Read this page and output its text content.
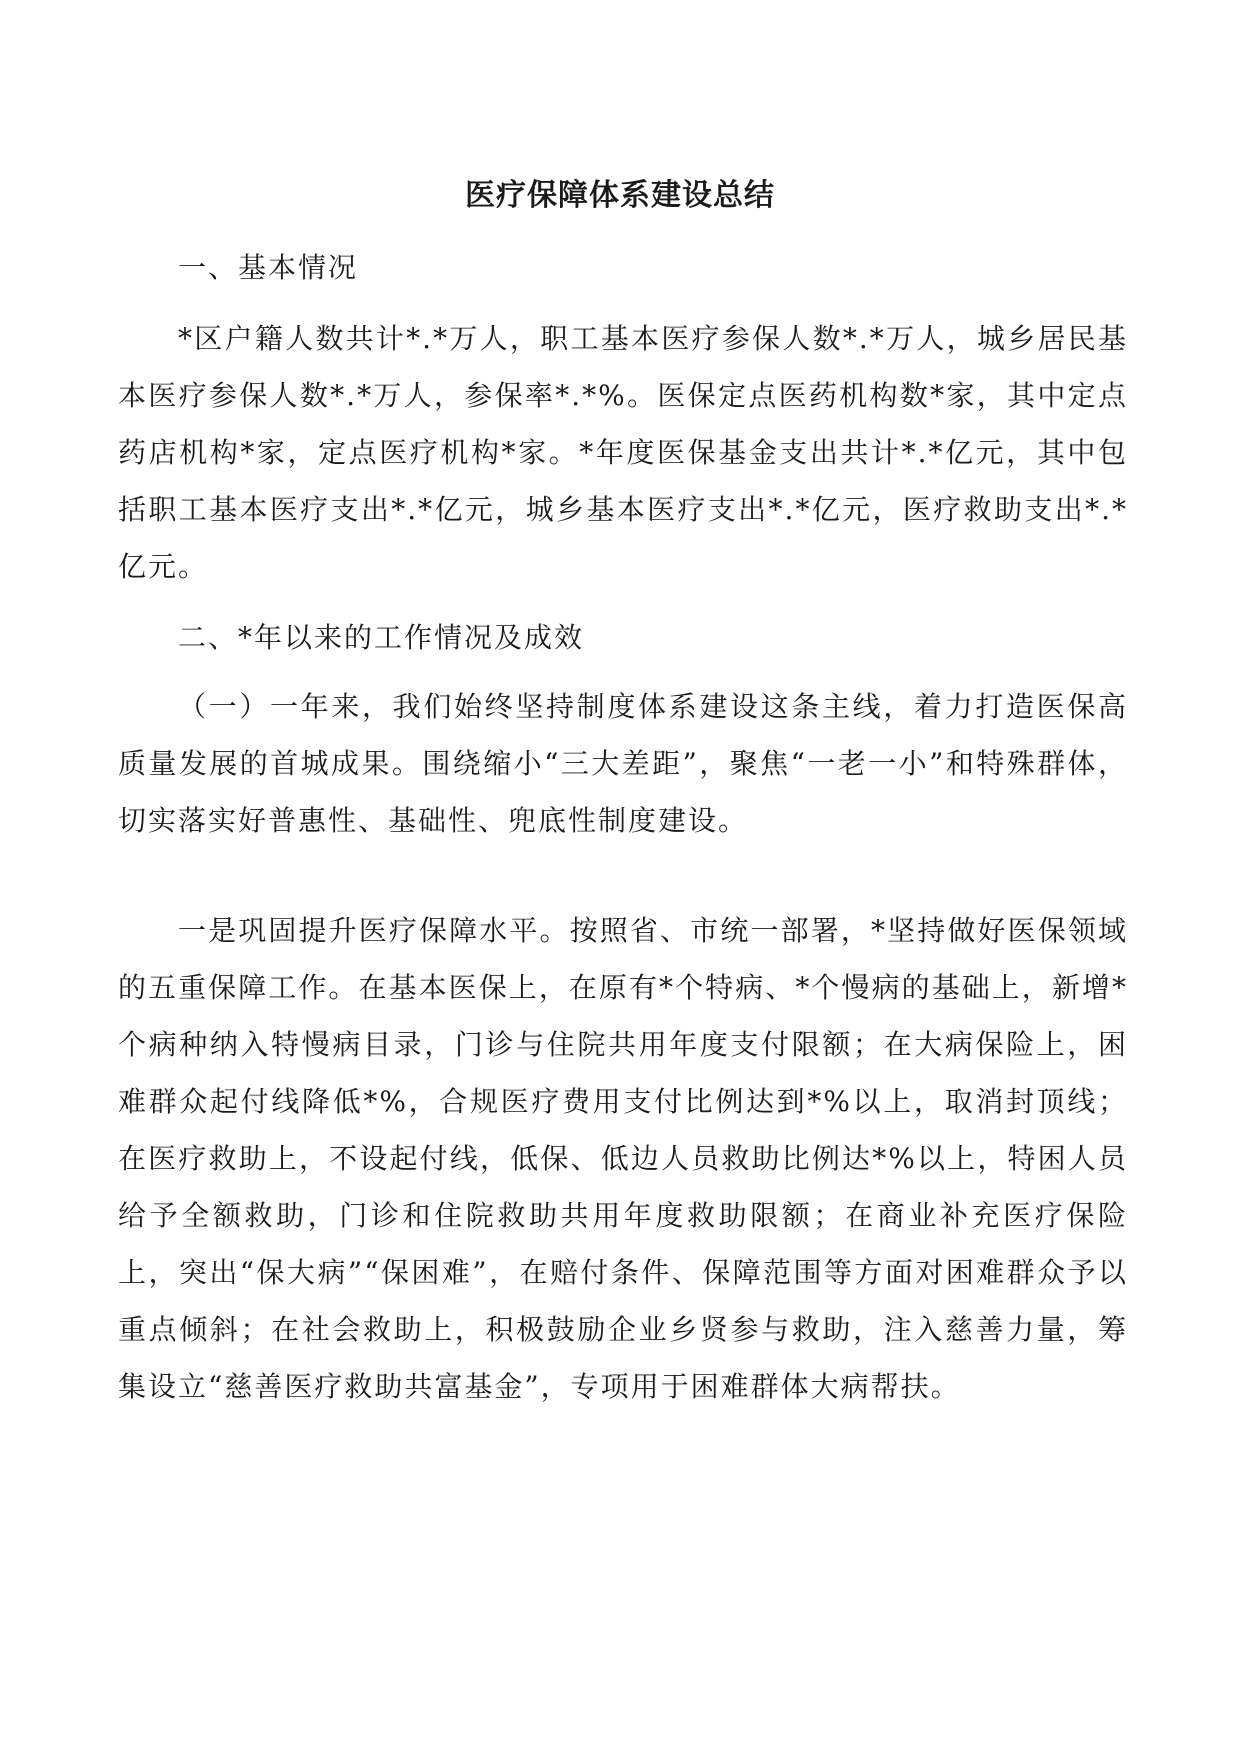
医疗保障体系建设总结
一、基本情况

*区户籍人数共计*.*万人，职工基本医疗参保人数*.*万人，城乡居民基本医疗参保人数*.*万人，参保率*.*%。医保定点医药机构数*家，其中定点药店机构*家，定点医疗机构*家。*年度医保基金支出共计*.*亿元，其中包括职工基本医疗支出*.*亿元，城乡基本医疗支出*.*亿元，医疗救助支出*.*亿元。

二、*年以来的工作情况及成效

（一）一年来，我们始终坚持制度体系建设这条主线，着力打造医保高质量发展的首城成果。围绕缩小“三大差距”，聚焦“一老一小”和特殊群体，切实落实好普惠性、基础性、兜底性制度建设。

一是巩固提升医疗保障水平。按照省、市统一部署，*坚持做好医保领域的五重保障工作。在基本医保上，在原有*个特病、*个慢病的基础上，新增*个病种纳入特慢病目录，门诊与住院共用年度支付限额；在大病保险上，困难群众起付线降低*%，合规医疗费用支付比例达到*%以上，取消封顶线；在医疗救助上，不设起付线，低保、低边人员救助比例达*%以上，特困人员给予全额救助，门诊和住院救助共用年度救助限额；在商业补充医疗保险上，突出“保大病”“保困难”，在赔付条件、保障范围等方面对困难群众予以重点倾斜；在社会救助上，积极鼓励企业乡贤参与救助，注入慈善力量，筹集设立“慈善医疗救助共富基金”，专项用于困难群体大病帮扶。
